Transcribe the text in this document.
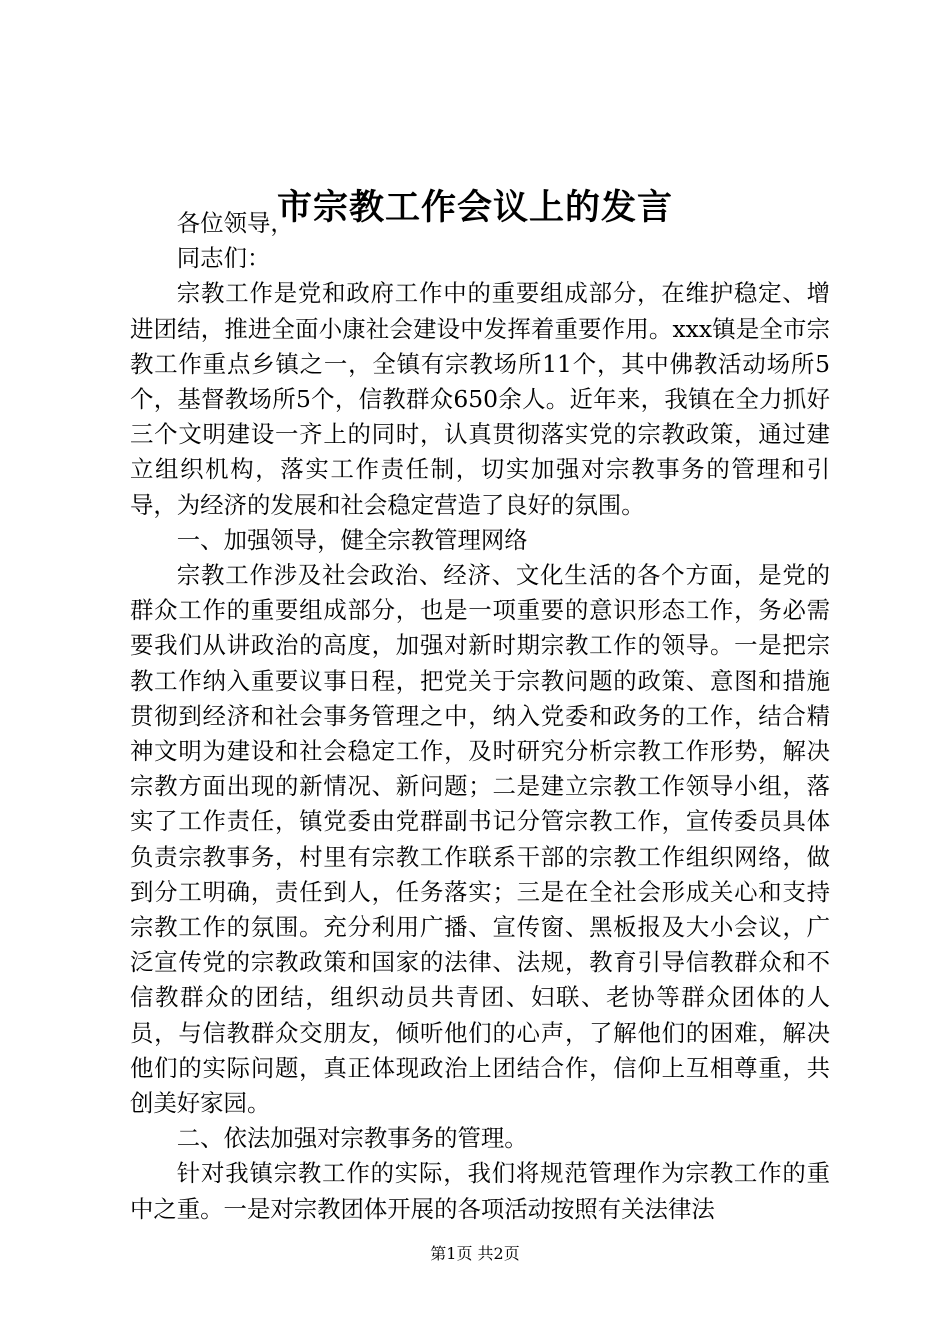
市宗教工作会议上的发言

各位领导，

同志们：

宗教工作是党和政府工作中的重要组成部分，在维护稳定、增进团结，推进全面小康社会建设中发挥着重要作用。xxx镇是全市宗教工作重点乡镇之一，全镇有宗教场所11个，其中佛教活动场所5个，基督教场所5个，信教群众650余人。近年来，我镇在全力抓好三个文明建设一齐上的同时，认真贯彻落实党的宗教政策，通过建立组织机构，落实工作责任制，切实加强对宗教事务的管理和引导，为经济的发展和社会稳定营造了良好的氛围。

一、加强领导，健全宗教管理网络

宗教工作涉及社会政治、经济、文化生活的各个方面，是党的群众工作的重要组成部分，也是一项重要的意识形态工作，务必需要我们从讲政治的高度，加强对新时期宗教工作的领导。一是把宗教工作纳入重要议事日程，把党关于宗教问题的政策、意图和措施贯彻到经济和社会事务管理之中，纳入党委和政务的工作，结合精神文明为建设和社会稳定工作，及时研究分析宗教工作形势，解决宗教方面出现的新情况、新问题；二是建立宗教工作领导小组，落实了工作责任，镇党委由党群副书记分管宗教工作，宣传委员具体负责宗教事务，村里有宗教工作联系干部的宗教工作组织网络，做到分工明确，责任到人，任务落实；三是在全社会形成关心和支持宗教工作的氛围。充分利用广播、宣传窗、黑板报及大小会议，广泛宣传党的宗教政策和国家的法律、法规，教育引导信教群众和不信教群众的团结，组织动员共青团、妇联、老协等群众团体的人员，与信教群众交朋友，倾听他们的心声，了解他们的困难，解决他们的实际问题，真正体现政治上团结合作，信仰上互相尊重，共创美好家园。

二、依法加强对宗教事务的管理。

针对我镇宗教工作的实际，我们将规范管理作为宗教工作的重中之重。一是对宗教团体开展的各项活动按照有关法律法

第1页 共2页
